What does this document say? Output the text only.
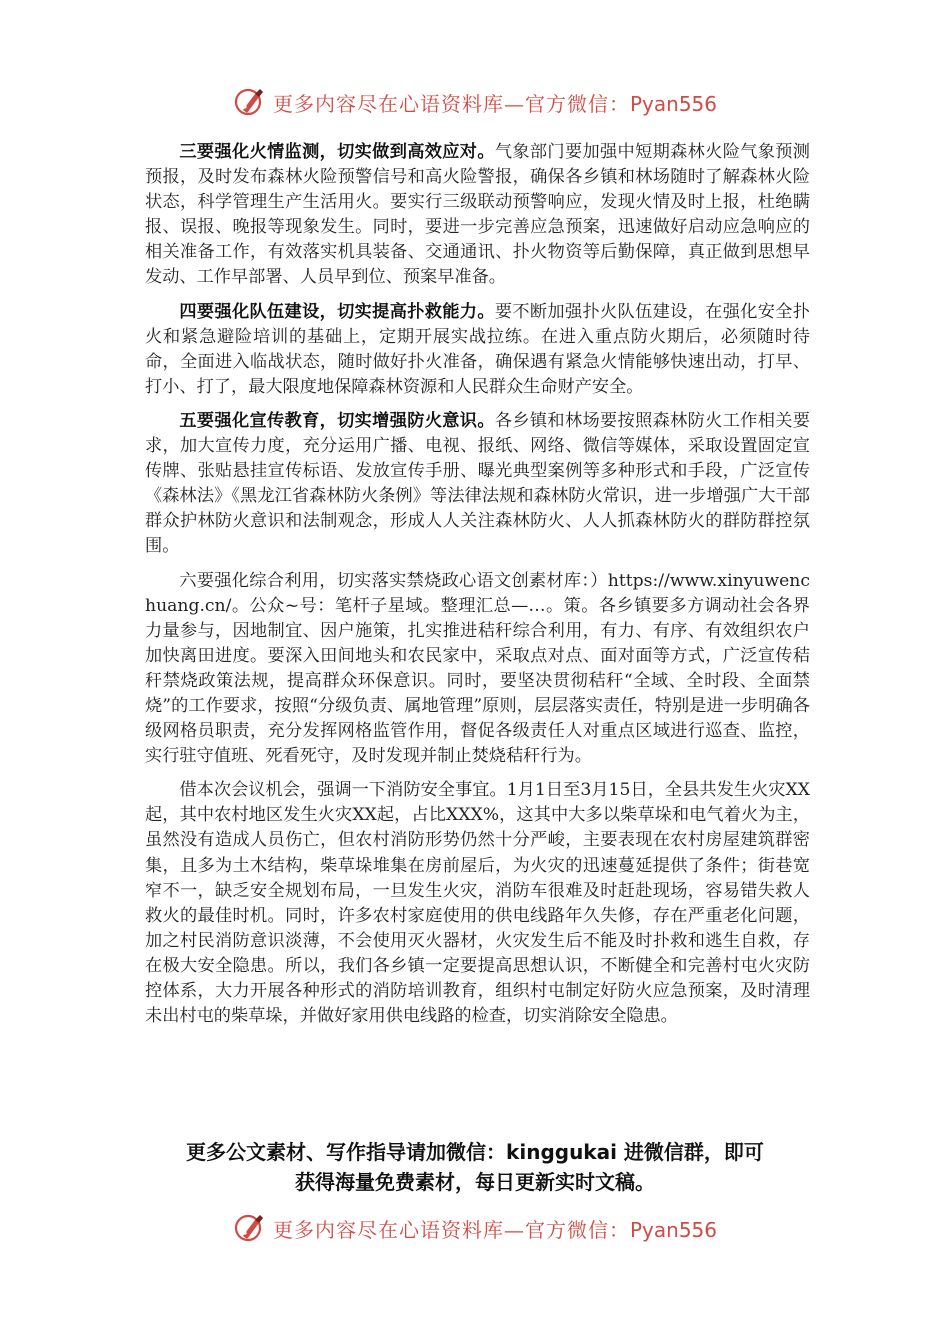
更多内容尽在心语资料库—官方微信：Pyan556

三要强化火情监测，切实做到高效应对。气象部门要加强中短期森林火险气象预测预报，及时发布森林火险预警信号和高火险警报，确保各乡镇和林场随时了解森林火险状态，科学管理生产生活用火。要实行三级联动预警响应，发现火情及时上报，杜绝瞒报、误报、晚报等现象发生。同时，要进一步完善应急预案，迅速做好启动应急响应的相关准备工作，有效落实机具装备、交通通讯、扑火物资等后勤保障，真正做到思想早发动、工作早部署、人员早到位、预案早准备。

四要强化队伍建设，切实提高扑救能力。要不断加强扑火队伍建设，在强化安全扑火和紧急避险培训的基础上，定期开展实战拉练。在进入重点防火期后，必须随时待命，全面进入临战状态，随时做好扑火准备，确保遇有紧急火情能够快速出动，打早、打小、打了，最大限度地保障森林资源和人民群众生命财产安全。

五要强化宣传教育，切实增强防火意识。各乡镇和林场要按照森林防火工作相关要求，加大宣传力度，充分运用广播、电视、报纸、网络、微信等媒体，采取设置固定宣传牌、张贴悬挂宣传标语、发放宣传手册、曝光典型案例等多种形式和手段，广泛宣传《森林法》《黑龙江省森林防火条例》等法律法规和森林防火常识，进一步增强广大干部群众护林防火意识和法制观念，形成人人关注森林防火、人人抓森林防火的群防群控氛围。

六要强化综合利用，切实落实禁烧政心语文创素材库：）https://www.xinyuwenchuang.cn/。公众~号：笔杆子星域。整理汇总—…。策。各乡镇要多方调动社会各界力量参与，因地制宜、因户施策，扎实推进秸秆综合利用，有力、有序、有效组织农户加快离田进度。要深入田间地头和农民家中，采取点对点、面对面等方式，广泛宣传秸秆禁烧政策法规，提高群众环保意识。同时，要坚决贯彻秸秆“全域、全时段、全面禁烧”的工作要求，按照“分级负责、属地管理”原则，层层落实责任，特别是进一步明确各级网格员职责，充分发挥网格监管作用，督促各级责任人对重点区域进行巡查、监控，实行驻守值班、死看死守，及时发现并制止焚烧秸秆行为。

借本次会议机会，强调一下消防安全事宜。1月1日至3月15日，全县共发生火灾XX起，其中农村地区发生火灾XX起，占比XXX%，这其中大多以柴草垛和电气着火为主，虽然没有造成人员伤亡，但农村消防形势仍然十分严峻，主要表现在农村房屋建筑群密集，且多为土木结构，柴草垛堆集在房前屋后，为火灾的迅速蔓延提供了条件；街巷宽窄不一，缺乏安全规划布局，一旦发生火灾，消防车很难及时赶赴现场，容易错失救人救火的最佳时机。同时，许多农村家庭使用的供电线路年久失修，存在严重老化问题，加之村民消防意识淡薄，不会使用灭火器材，火灾发生后不能及时扑救和逃生自救，存在极大安全隐患。所以，我们各乡镇一定要提高思想认识，不断健全和完善村屯火灾防控体系，大力开展各种形式的消防培训教育，组织村屯制定好防火应急预案，及时清理未出村屯的柴草垛，并做好家用供电线路的检查，切实消除安全隐患。

更多公文素材、写作指导请加微信：kinggukai 进微信群，即可
获得海量免费素材，每日更新实时文稿。
更多内容尽在心语资料库—官方微信：Pyan556
